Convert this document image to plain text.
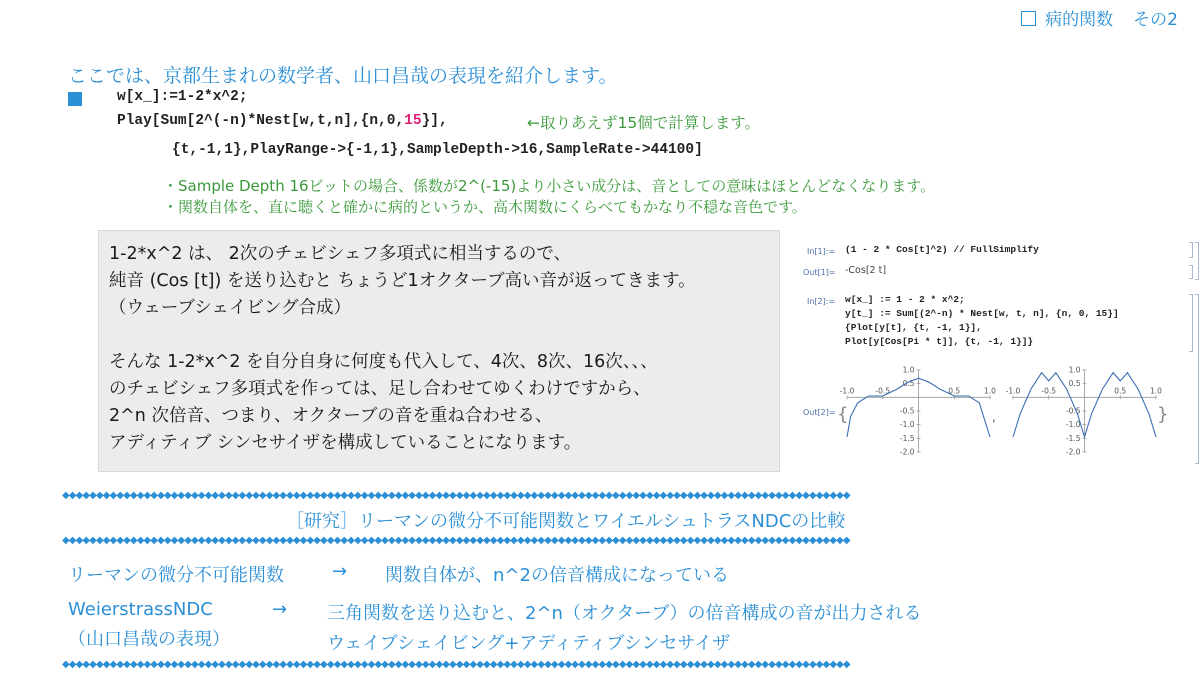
病的関数 その2
ここでは、京都生まれの数学者、山口昌哉の表現を紹介します。
w[x_]:=1-2*x^2;
Play[Sum[2^(-n)*Nest[w,t,n],{n,0,15}],	←取りあえず15個で計算します。
{t,-1,1},PlayRange->{-1,1},SampleDepth->16,SampleRate->44100]
・Sample Depth 16ビットの場合、係数が2^(-15)より小さい成分は、音としての意味はほとんどなくなります。
・関数自体を、直に聴くと確かに病的というか、高木関数にくらべてもかなり不穏な音色です。
1-2*x^2 は、 2次のチェビシェフ多項式に相当するので、
純音 (Cos [t]) を送り込むと ちょうど1オクターブ高い音が返ってきます。
（ウェーブシェイビング合成）
そんな 1-2*x^2 を自分自身に何度も代入して、4次、8次、16次、、、
のチェビシェフ多項式を作っては、足し合わせてゆくわけですから、
2^n 次倍音、つまり、オクターブの音を重ね合わせる、
アディティブ シンセサイザを構成していることになります。
In[1]:= (1 - 2 * Cos[t]^2) // FullSimplify
Out[1]= -Cos[2 t]
In[2]:= w[x_] := 1 - 2 * x^2;
y[t_] := Sum[(2^-n) * Nest[w, t, n], {n, 0, 15}]
{Plot[y[t], {t, -1, 1}],
Plot[y[Cos[Pi * t]], {t, -1, 1}]}
Out[2]= {	,	}
-1.0	-0.5	0.5	1.0
1.0
0.5
-0.5
-1.0
-1.5
-2.0
-1.0	-0.5	0.5	1.0
1.0
0.5
-0.5
-1.0
-1.5
-2.0
◆◆◆◆◆◆◆◆◆◆◆◆◆◆◆◆◆◆◆◆◆◆◆◆◆◆◆◆◆◆◆◆◆◆◆◆◆◆◆◆◆◆◆◆◆◆◆◆◆◆◆◆◆◆◆◆◆◆◆◆◆◆◆◆◆◆◆◆◆◆◆◆◆◆◆◆◆◆◆◆◆◆◆◆◆◆◆◆◆◆◆◆◆◆◆◆◆◆◆◆◆◆◆◆◆◆◆◆◆◆◆◆◆◆◆◆
［研究］リーマンの微分不可能関数とワイエルシュトラスNDCの比較
◆◆◆◆◆◆◆◆◆◆◆◆◆◆◆◆◆◆◆◆◆◆◆◆◆◆◆◆◆◆◆◆◆◆◆◆◆◆◆◆◆◆◆◆◆◆◆◆◆◆◆◆◆◆◆◆◆◆◆◆◆◆◆◆◆◆◆◆◆◆◆◆◆◆◆◆◆◆◆◆◆◆◆◆◆◆◆◆◆◆◆◆◆◆◆◆◆◆◆◆◆◆◆◆◆◆◆◆◆◆◆◆◆◆◆◆
リーマンの微分不可能関数	→ 関数自体が、n^2の倍音構成になっている
WeierstrassNDC	→ 三角関数を送り込むと、2^n（オクターブ）の倍音構成の音が出力される
（山口昌哉の表現）	ウェイブシェイビング+アディティブシンセサイザ
◆◆◆◆◆◆◆◆◆◆◆◆◆◆◆◆◆◆◆◆◆◆◆◆◆◆◆◆◆◆◆◆◆◆◆◆◆◆◆◆◆◆◆◆◆◆◆◆◆◆◆◆◆◆◆◆◆◆◆◆◆◆◆◆◆◆◆◆◆◆◆◆◆◆◆◆◆◆◆◆◆◆◆◆◆◆◆◆◆◆◆◆◆◆◆◆◆◆◆◆◆◆◆◆◆◆◆◆◆◆◆◆◆◆◆◆
